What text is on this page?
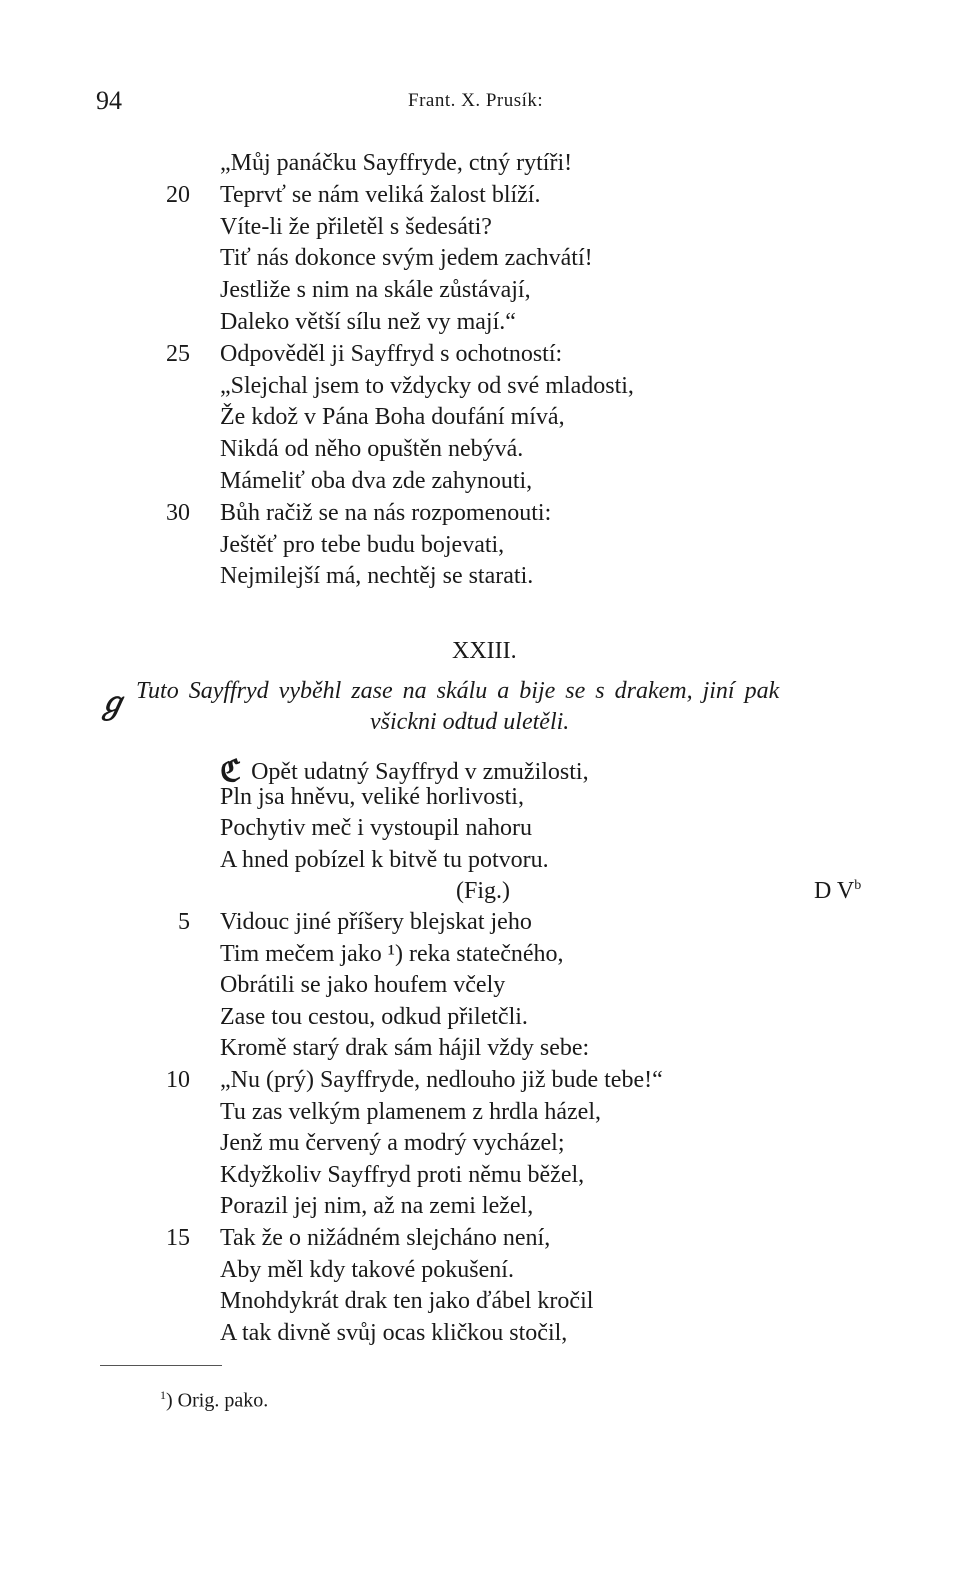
94	Frant. X. Prusík:
„Můj panáčku Sayffryde, ctný rytíři!
20 Teprvť se nám veliká žalost blíží.
Víte-li že přiletěl s šedesáti?
Tiť nás dokonce svým jedem zachvátí!
Jestliže s nim na skále zůstávají,
Daleko větší sílu než vy mají.“
25 Odpověděl ji Sayffryd s ochotností:
„Slejchal jsem to vždycky od své mladosti,
Že kdož v Pána Boha doufání mívá,
Nikdá od něho opuštěn nebývá.
Mámeliť oba dva zde zahynouti,
30 Bůh račiž se na nás rozpomenouti:
Ještěť pro tebe budu bojevati,
Nejmilejší má, nechtěj se starati.
XXIII.
ℊ Tuto Sayffryd vyběhl zase na skálu a bije se s drakem, jiní pak
všickni odtud uletěli.
ℭ Opět udatný Sayffryd v zmužilosti,
Pln jsa hněvu, veliké horlivosti,
Pochytiv meč i vystoupil nahoru
A hned pobízel k bitvě tu potvoru.
(Fig.)	D $V^b$
5 Vidouc jiné příšery blejskat jeho
Tim mečem jako ¹) reka statečného,
Obrátili se jako houfem včely
Zase tou cestou, odkud přiletčli.
Kromě starý drak sám hájil vždy sebe:
10 „Nu (prý) Sayffryde, nedlouho již bude tebe!“
Tu zas velkým plamenem z hrdla házel,
Jenž mu červený a modrý vycházel;
Kdyžkoliv Sayffryd proti němu běžel,
Porazil jej nim, až na zemi ležel,
15 Tak že o nižádném slejcháno není,
Aby měl kdy takové pokušení.
Mnohdykrát drak ten jako ďábel kročil
A tak divně svůj ocas kličkou stočil,
$^1$) Orig. pako.
